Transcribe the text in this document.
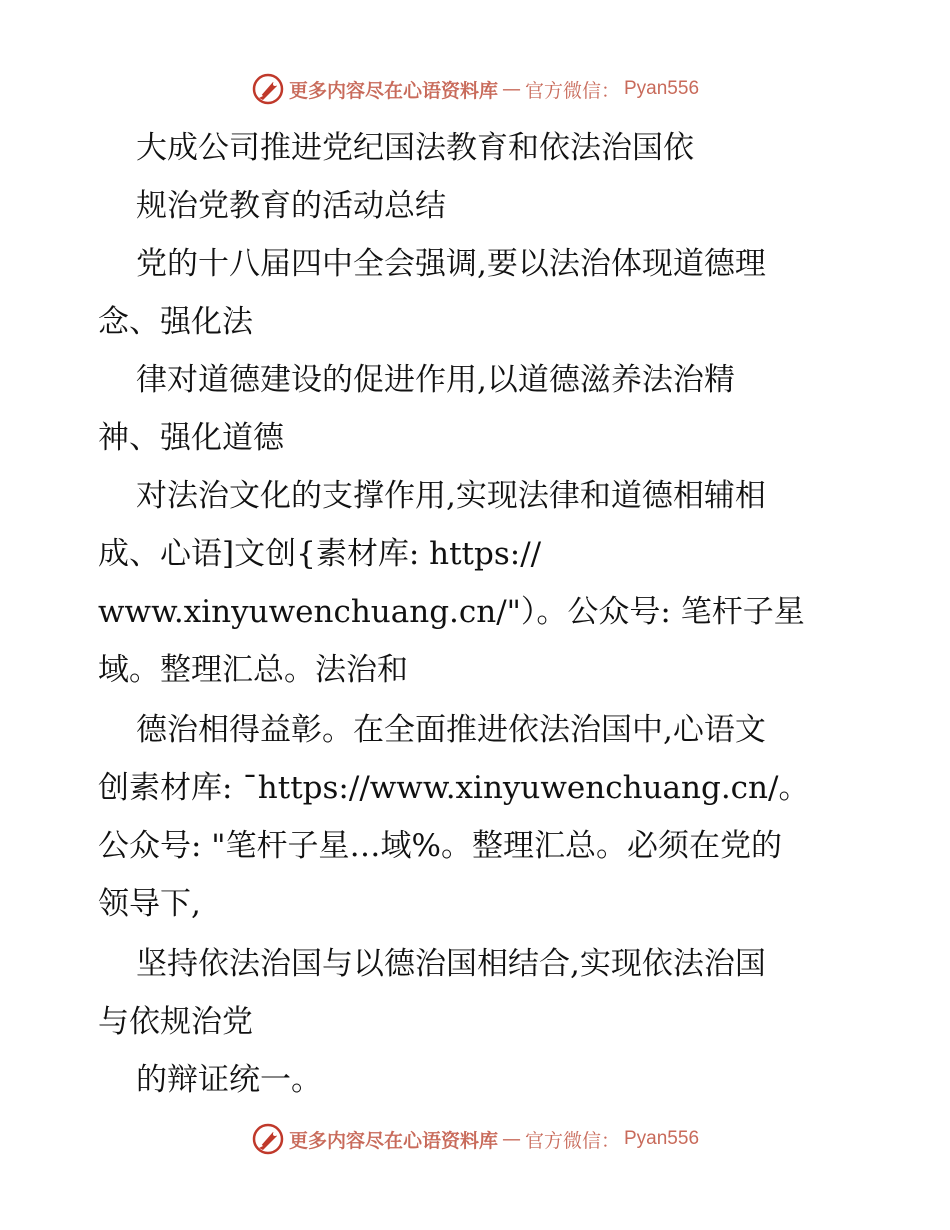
更多内容尽在心语资料库 — 官方微信： Pyan556
大成公司推进党纪国法教育和依法治国依
规治党教育的活动总结
党的十八届四中全会强调,要以法治体现道德理
念、强化法
律对道德建设的促进作用,以道德滋养法治精
神、强化道德
对法治文化的支撑作用,实现法律和道德相辅相
成、心语]文创{素材库: https://
www.xinyuwenchuang.cn/"）。公众号: 笔杆子星
域。整理汇总。法治和
德治相得益彰。在全面推进依法治国中,心语文
创素材库: ¯https://www.xinyuwenchuang.cn/。
公众号: "笔杆子星…域%。整理汇总。必须在党的
领导下,
坚持依法治国与以德治国相结合,实现依法治国
与依规治党
的辩证统一。
更多内容尽在心语资料库 — 官方微信： Pyan556
